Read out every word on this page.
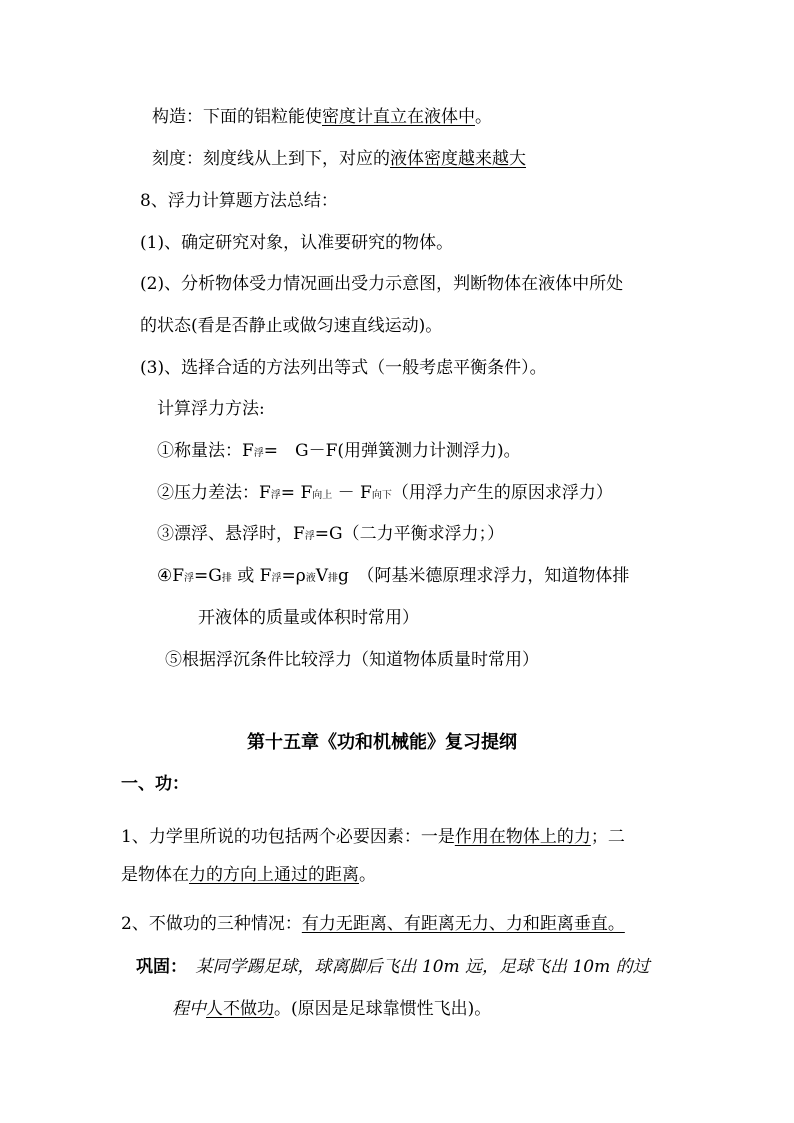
构造：下面的铝粒能使密度计直立在液体中。
刻度：刻度线从上到下，对应的液体密度越来越大
8、浮力计算题方法总结：
(1)、确定研究对象，认准要研究的物体。
(2)、分析物体受力情况画出受力示意图，判断物体在液体中所处
的状态(看是否静止或做匀速直线运动)。
(3)、选择合适的方法列出等式（一般考虑平衡条件）。
计算浮力方法:
①称量法：F浮=　G－F(用弹簧测力计测浮力)。
②压力差法：F浮= F向上 － F向下（用浮力产生的原因求浮力）
③漂浮、悬浮时，F浮=G（二力平衡求浮力；）
④F浮=G排 或 F浮=ρ液V排g　（阿基米德原理求浮力，知道物体排
开液体的质量或体积时常用）
⑤根据浮沉条件比较浮力（知道物体质量时常用）
第十五章《功和机械能》复习提纲
一、功：
1、力学里所说的功包括两个必要因素：一是作用在物体上的力；二
是物体在力的方向上通过的距离。
2、不做功的三种情况：有力无距离、有距离无力、力和距离垂直。
巩固：　某同学踢足球，球离脚后飞出 10m 远，足球飞出 10m 的过
程中人不做功。(原因是足球靠惯性飞出)。
